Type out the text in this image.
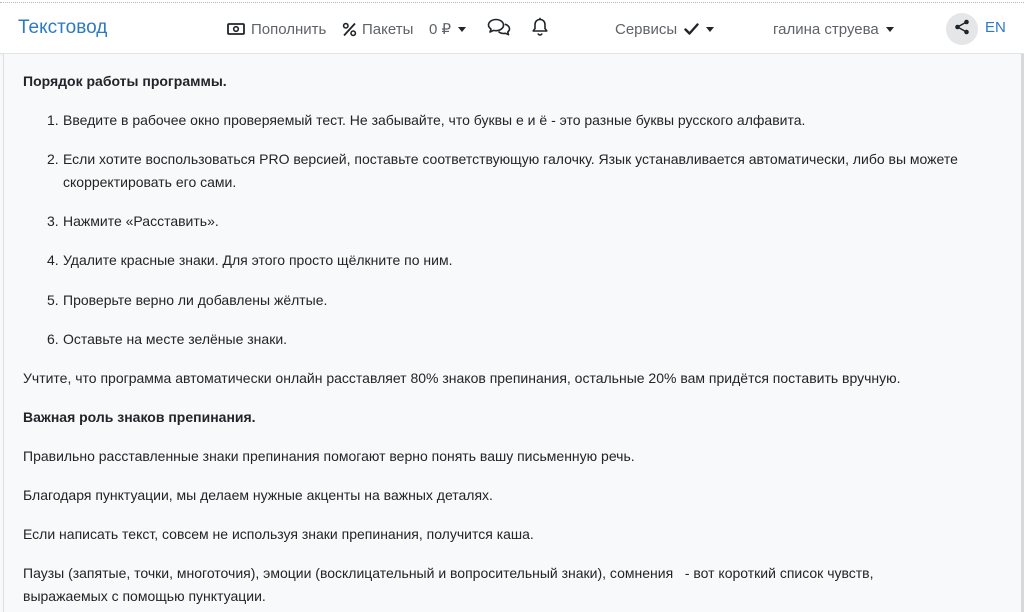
Текстовод	Пополнить Пакеты 0 ₽	Сервисы	галина струева	EN
Порядок работы программы.
1. Введите в рабочее окно проверяемый тест. Не забывайте, что буквы е и ё - это разные буквы русского алфавита.
2. Если хотите воспользоваться PRO версией, поставьте соответствующую галочку. Язык устанавливается автоматически, либо вы можете скорректировать его сами.
3. Нажмите «Расставить».
4. Удалите красные знаки. Для этого просто щёлкните по ним.
5. Проверьте верно ли добавлены жёлтые.
6. Оставьте на месте зелёные знаки.
Учтите, что программа автоматически онлайн расставляет 80% знаков препинания, остальные 20% вам придётся поставить вручную.
Важная роль знаков препинания.
Правильно расставленные знаки препинания помогают верно понять вашу письменную речь.
Благодаря пунктуации, мы делаем нужные акценты на важных деталях.
Если написать текст, совсем не используя знаки препинания, получится каша.
Паузы (запятые, точки, многоточия), эмоции (восклицательный и вопросительный знаки), сомнения   - вот короткий список чувств,
выражаемых с помощью пунктуации.
